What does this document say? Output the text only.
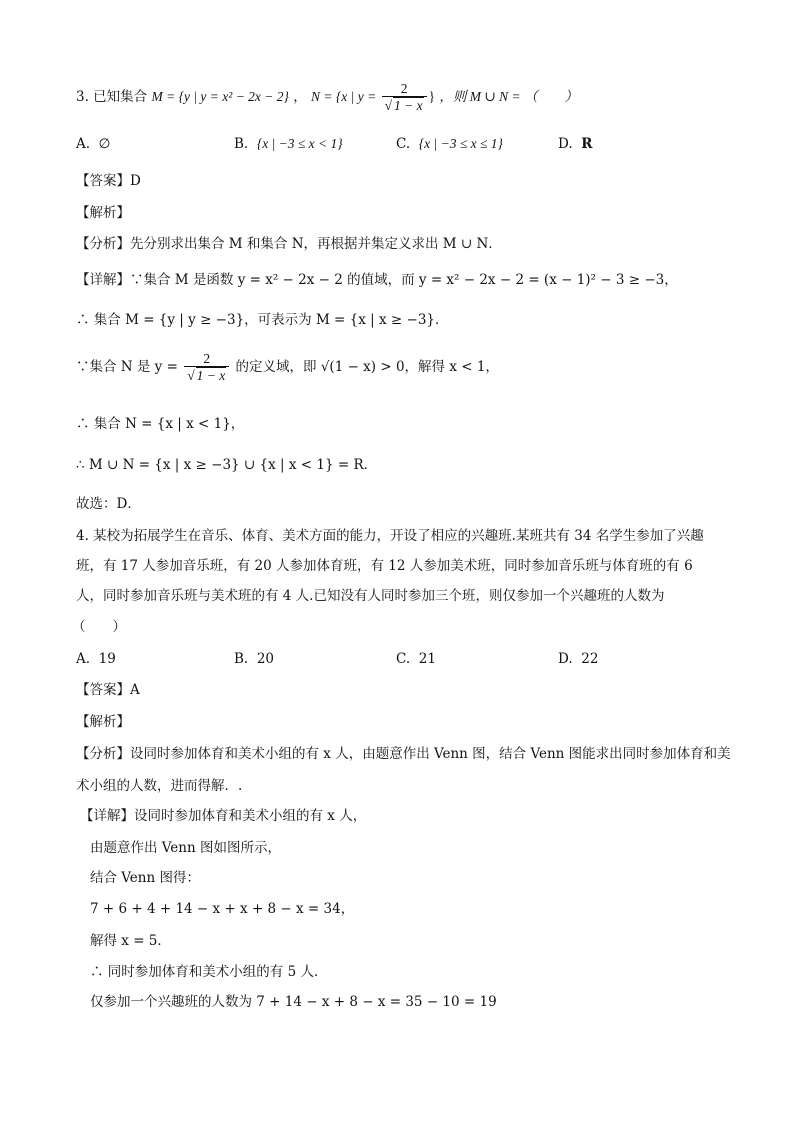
3. 已知集合 M = {y | y = x² − 2x − 2} ， N = {x | $y = \frac{2}{√ 1 - x}$ } ，则 M ∪ N = （　　）
A. ∅	B. {x | −3 ≤ x < 1}	C. {x | −3 ≤ x ≤ 1}	D. R
【答案】D
【解析】
【分析】先分别求出集合 M 和集合 N，再根据并集定义求出 M ∪ N．
【详解】∵集合 M 是函数 y = x² − 2x − 2 的值域，而 y = x² − 2x − 2 = (x − 1)² − 3 ≥ −3，
∴ 集合 M = {y | y ≥ −3}，可表示为 M = {x | x ≥ −3}．
∵集合 N 是 $y = \frac{2}{√ 1 - x}$ 的定义域，即 √(1 − x) > 0，解得 x < 1，
∴ 集合 N = {x | x < 1}，
∴ M ∪ N = {x | x ≥ −3} ∪ {x | x < 1} = R．
故选：D．
4. 某校为拓展学生在音乐、体育、美术方面的能力，开设了相应的兴趣班.某班共有 34 名学生参加了兴趣
班，有 17 人参加音乐班，有 20 人参加体育班，有 12 人参加美术班，同时参加音乐班与体育班的有 6
人，同时参加音乐班与美术班的有 4 人.已知没有人同时参加三个班，则仅参加一个兴趣班的人数为
（　　）
A. 19	B. 20	C. 21	D. 22
【答案】A
【解析】
【分析】设同时参加体育和美术小组的有 x 人，由题意作出 Venn 图，结合 Venn 图能求出同时参加体育和美
术小组的人数，进而得解．.
【详解】设同时参加体育和美术小组的有 x 人，
由题意作出 Venn 图如图所示，
结合 Venn 图得：
7 + 6 + 4 + 14 − x + x + 8 − x = 34，
解得 x = 5．
∴ 同时参加体育和美术小组的有 5 人．
仅参加一个兴趣班的人数为 7 + 14 − x + 8 − x = 35 − 10 = 19
